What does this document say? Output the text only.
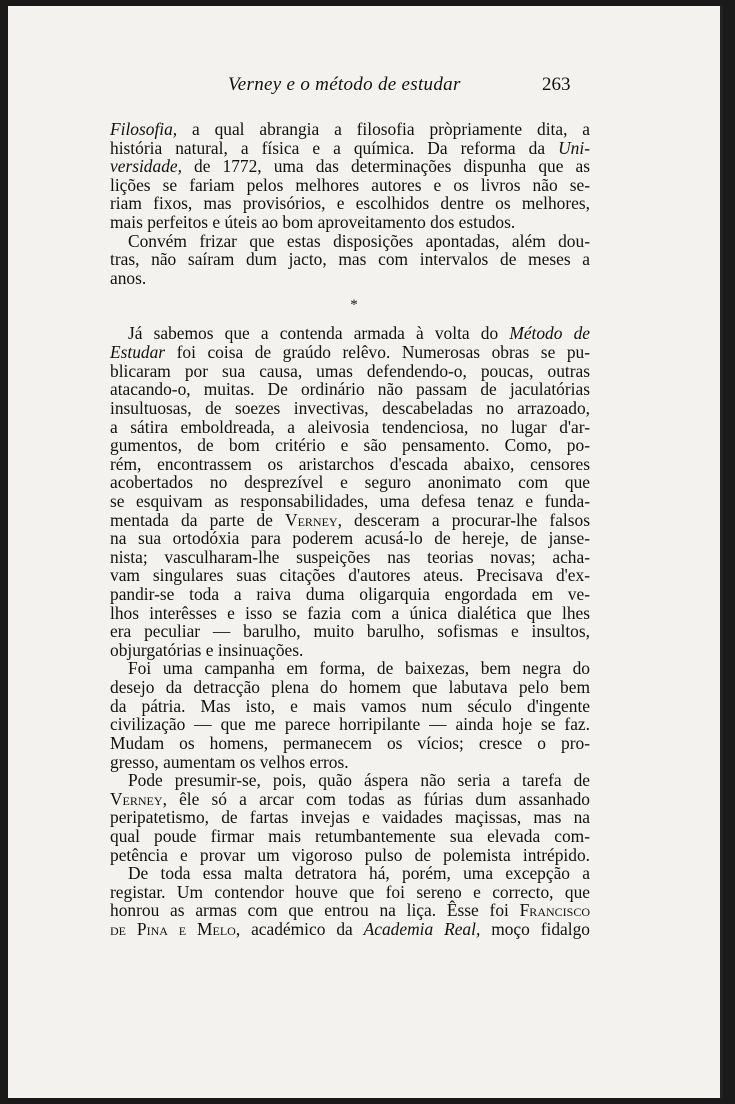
Verney e o método de estudar	263
Filosofia, a qual abrangia a filosofia pròpriamente dita, a
história natural, a física e a química. Da reforma da Uni-
versidade, de 1772, uma das determinações dispunha que as
lições se fariam pelos melhores autores e os livros não se-
riam fixos, mas provisórios, e escolhidos dentre os melhores,
mais perfeitos e úteis ao bom aproveitamento dos estudos.
Convém frizar que estas disposições apontadas, além dou-
tras, não saíram dum jacto, mas com intervalos de meses a
anos.
*
Já sabemos que a contenda armada à volta do Método de
Estudar foi coisa de graúdo relêvo. Numerosas obras se pu-
blicaram por sua causa, umas defendendo-o, poucas, outras
atacando-o, muitas. De ordinário não passam de jaculatórias
insultuosas, de soezes invectivas, descabeladas no arrazoado,
a sátira emboldreada, a aleivosia tendenciosa, no lugar d'ar-
gumentos, de bom critério e são pensamento. Como, po-
rém, encontrassem os aristarchos d'escada abaixo, censores
acobertados no desprezível e seguro anonimato com que
se esquivam as responsabilidades, uma defesa tenaz e funda-
mentada da parte de Verney, desceram a procurar-lhe falsos
na sua ortodóxia para poderem acusá-lo de hereje, de janse-
nista; vasculharam-lhe suspeições nas teorias novas; acha-
vam singulares suas citações d'autores ateus. Precisava d'ex-
pandir-se toda a raiva duma oligarquia engordada em ve-
lhos interêsses e isso se fazia com a única dialética que lhes
era peculiar — barulho, muito barulho, sofismas e insultos,
objurgatórias e insinuações.
Foi uma campanha em forma, de baixezas, bem negra do
desejo da detracção plena do homem que labutava pelo bem
da pátria. Mas isto, e mais vamos num século d'ingente
civilização — que me parece horripilante — ainda hoje se faz.
Mudam os homens, permanecem os vícios; cresce o pro-
gresso, aumentam os velhos erros.
Pode presumir-se, pois, quão áspera não seria a tarefa de
Verney, êle só a arcar com todas as fúrias dum assanhado
peripatetismo, de fartas invejas e vaidades maçissas, mas na
qual poude firmar mais retumbantemente sua elevada com-
petência e provar um vigoroso pulso de polemista intrépido.
De toda essa malta detratora há, porém, uma excepção a
registar. Um contendor houve que foi sereno e correcto, que
honrou as armas com que entrou na liça. Êsse foi Francisco
de Pina e Melo, académico da Academia Real, moço fidalgo
